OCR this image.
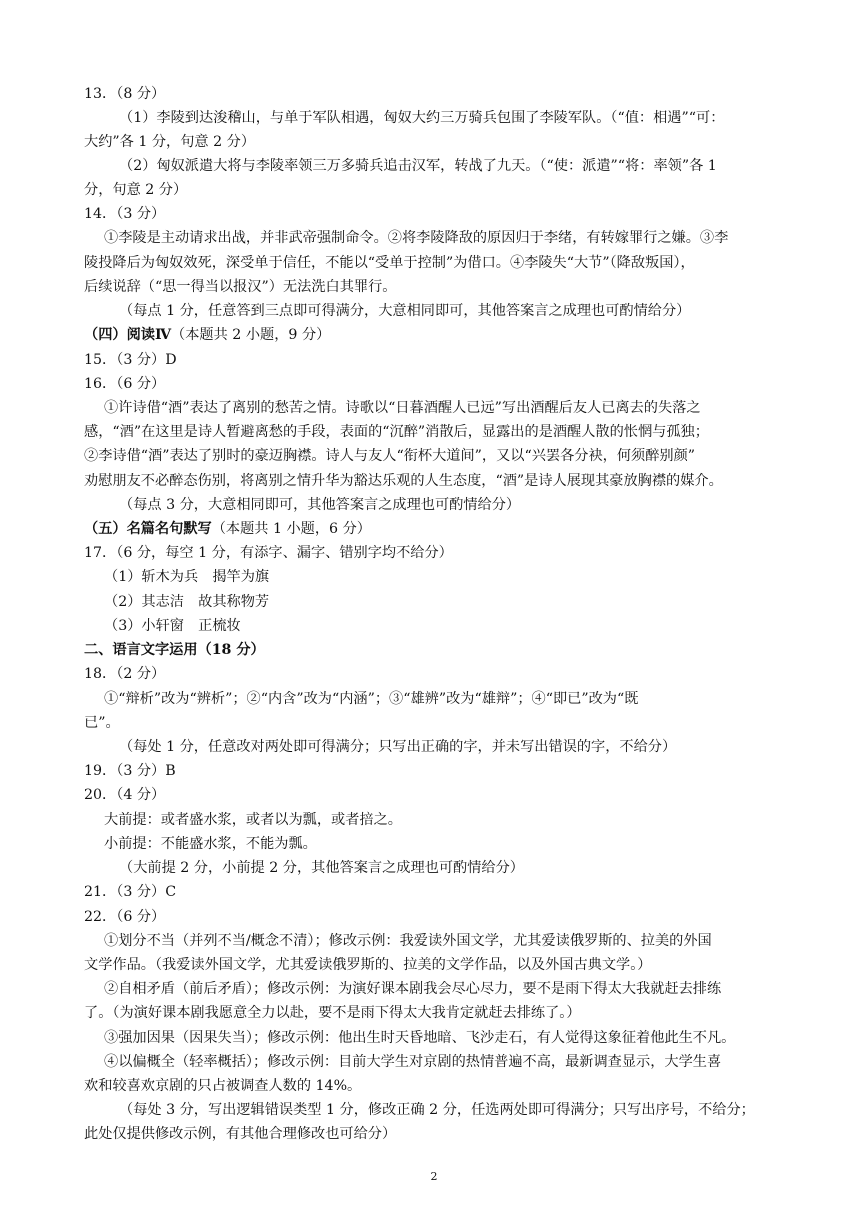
13．（8 分）
（1）李陵到达浚稽山，与单于军队相遇，匈奴大约三万骑兵包围了李陵军队。（“值：相遇”“可：
大约”各 1 分，句意 2 分）
（2）匈奴派遣大将与李陵率领三万多骑兵追击汉军，转战了九天。（“使：派遣”“将：率领”各 1
分，句意 2 分）
14．（3 分）
①李陵是主动请求出战，并非武帝强制命令。②将李陵降敌的原因归于李绪，有转嫁罪行之嫌。③李
陵投降后为匈奴效死，深受单于信任，不能以“受单于控制”为借口。④李陵失“大节”（降敌叛国），
后续说辞（“思一得当以报汉”）无法洗白其罪行。
（每点 1 分，任意答到三点即可得满分，大意相同即可，其他答案言之成理也可酌情给分）
（四）阅读Ⅳ（本题共 2 小题，9 分）
15．（3 分）D
16．（6 分）
①许诗借“酒”表达了离别的愁苦之情。诗歌以“日暮酒醒人已远”写出酒醒后友人已离去的失落之
感，“酒”在这里是诗人暂避离愁的手段，表面的“沉醉”消散后，显露出的是酒醒人散的怅惘与孤独；
②李诗借“酒”表达了别时的豪迈胸襟。诗人与友人“衔杯大道间”，又以“兴罢各分袂，何须醉别颜”
劝慰朋友不必醉态伤别，将离别之情升华为豁达乐观的人生态度，“酒”是诗人展现其豪放胸襟的媒介。
（每点 3 分，大意相同即可，其他答案言之成理也可酌情给分）
（五）名篇名句默写（本题共 1 小题，6 分）
17．（6 分，每空 1 分，有添字、漏字、错别字均不给分）
（1）斩木为兵　揭竿为旗
（2）其志洁　故其称物芳
（3）小轩窗　正梳妆
二、语言文字运用（18 分）
18．（2 分）
①“辩析”改为“辨析”；②“内含”改为“内涵”；③“雄辨”改为“雄辩”；④“即已”改为“既
已”。
（每处 1 分，任意改对两处即可得满分；只写出正确的字，并未写出错误的字，不给分）
19．（3 分）B
20．（4 分）
大前提：或者盛水浆，或者以为瓢，或者掊之。
小前提：不能盛水浆，不能为瓢。
（大前提 2 分，小前提 2 分，其他答案言之成理也可酌情给分）
21．（3 分）C
22．（6 分）
①划分不当（并列不当/概念不清）；修改示例：我爱读外国文学，尤其爱读俄罗斯的、拉美的外国
文学作品。（我爱读外国文学，尤其爱读俄罗斯的、拉美的文学作品，以及外国古典文学。）
②自相矛盾（前后矛盾）；修改示例：为演好课本剧我会尽心尽力，要不是雨下得太大我就赶去排练
了。（为演好课本剧我愿意全力以赴，要不是雨下得太大我肯定就赶去排练了。）
③强加因果（因果失当）；修改示例：他出生时天昏地暗、飞沙走石，有人觉得这象征着他此生不凡。
④以偏概全（轻率概括）；修改示例：目前大学生对京剧的热情普遍不高，最新调查显示，大学生喜
欢和较喜欢京剧的只占被调查人数的 14%。
（每处 3 分，写出逻辑错误类型 1 分，修改正确 2 分，任选两处即可得满分；只写出序号，不给分；
此处仅提供修改示例，有其他合理修改也可给分）
2
